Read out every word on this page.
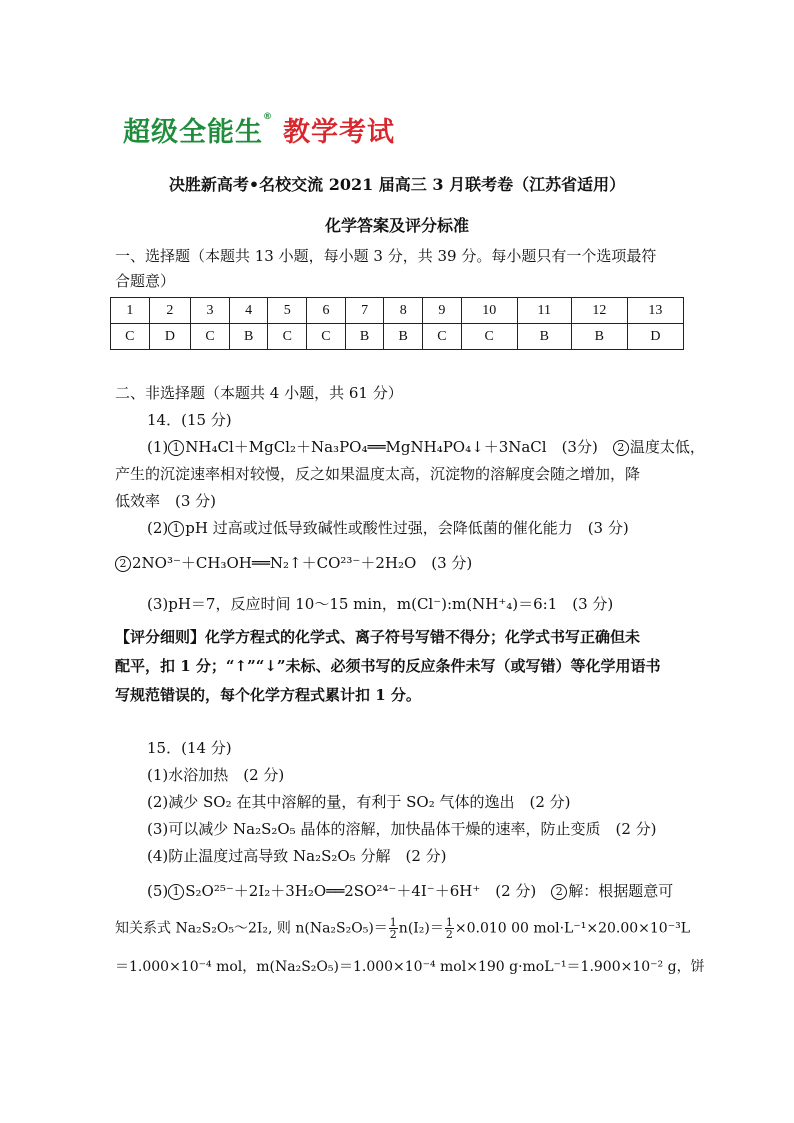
超级全能生® 教学考试
决胜新高考•名校交流 2021 届高三 3 月联考卷（江苏省适用）
化学答案及评分标准
一、选择题（本题共 13 小题，每小题 3 分，共 39 分。每小题只有一个选项最符
合题意）
1	2	3	4	5	6	7	8	9	10	11	12	13
C	D	C	B	C	C	B	B	C	C	B	B	D
二、非选择题（本题共 4 小题，共 61 分）
14．(15 分)
(1) 1 NH₄Cl＋MgCl₂＋Na₃PO₄══MgNH₄PO₄↓＋3NaCl　(3分)　2 温度太低，
产生的沉淀速率相对较慢，反之如果温度太高，沉淀物的溶解度会随之增加，降
低效率　(3 分)
(2) 1 pH 过高或过低导致碱性或酸性过强，会降低菌的催化能力　(3 分)
2 2NO³⁻＋CH₃OH══N₂↑＋CO²³⁻＋2H₂O　(3 分)
(3)pH＝7，反应时间 10～15 min，m(Cl⁻):m(NH⁺₄)＝6:1　(3 分)
【评分细则】化学方程式的化学式、离子符号写错不得分；化学式书写正确但未
配平，扣 1 分；“↑”“↓”未标、必须书写的反应条件未写（或写错）等化学用语书
写规范错误的，每个化学方程式累计扣 1 分。
15．(14 分)
(1)水浴加热　(2 分)
(2)减少 SO₂ 在其中溶解的量，有利于 SO₂ 气体的逸出　(2 分)
(3)可以减少 Na₂S₂O₅ 晶体的溶解，加快晶体干燥的速率，防止变质　(2 分)
(4)防止温度过高导致 Na₂S₂O₅ 分解　(2 分)
(5) 1 S₂O²⁵⁻＋2I₂＋3H₂O══2SO²⁴⁻＋4I⁻＋6H⁺　(2 分)　2 解：根据题意可
知关系式 Na₂S₂O₅～2I₂, 则 $n(Na_2S_2O_5)= \frac{1}{2} n(I_2)= \frac{1}{2} \times 0.010$ 00 mol·L⁻¹×20.00×10⁻³L
＝1.000×10⁻⁴ mol，m(Na₂S₂O₅)＝1.000×10⁻⁴ mol×190 g·moL⁻¹＝1.900×10⁻² g，饼
